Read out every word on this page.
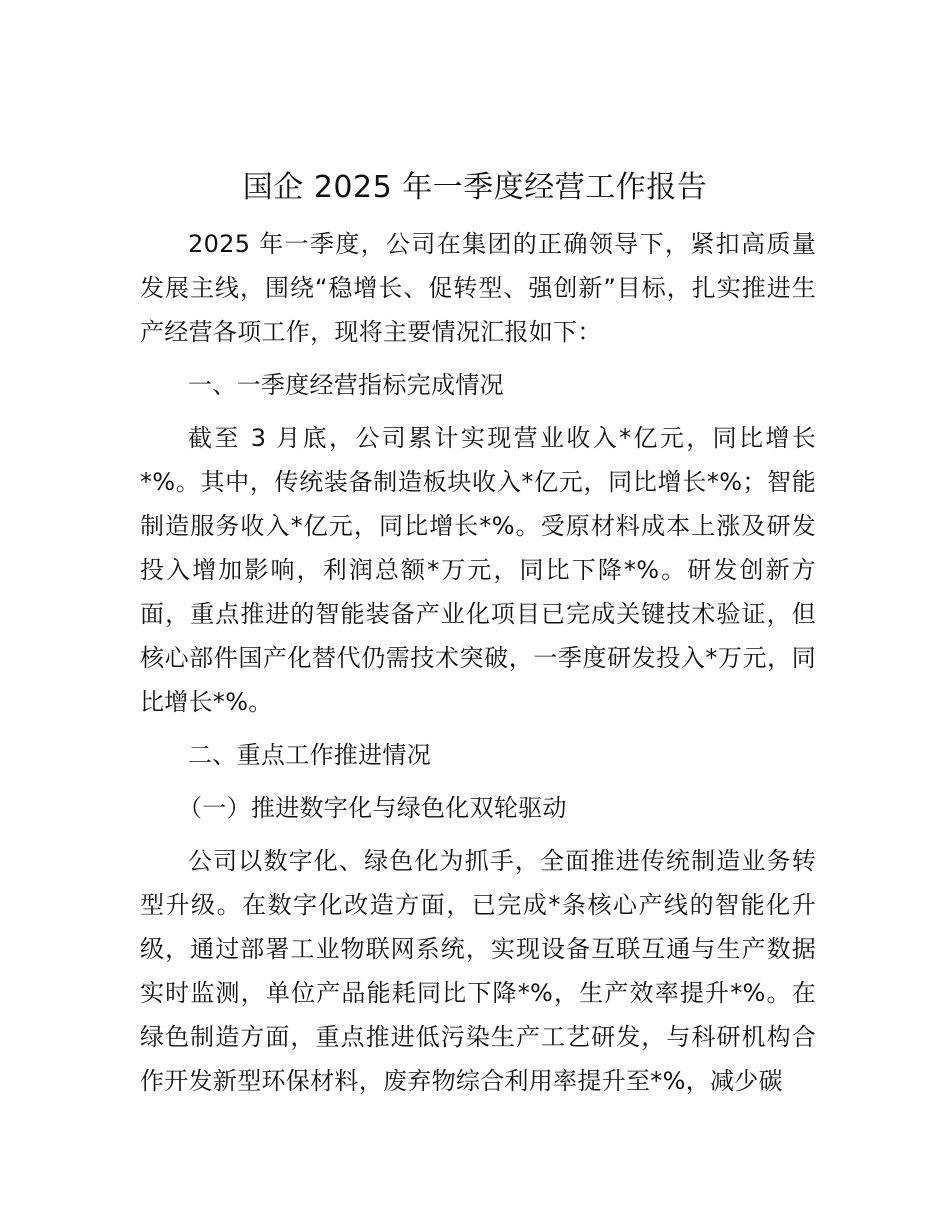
国企 2025 年一季度经营工作报告

2025 年一季度，公司在集团的正确领导下，紧扣高质量发展主线，围绕“稳增长、促转型、强创新”目标，扎实推进生产经营各项工作，现将主要情况汇报如下：

一、一季度经营指标完成情况

截至 3 月底，公司累计实现营业收入*亿元，同比增长*%。其中，传统装备制造板块收入*亿元，同比增长*%；智能制造服务收入*亿元，同比增长*%。受原材料成本上涨及研发投入增加影响，利润总额*万元，同比下降*%。研发创新方面，重点推进的智能装备产业化项目已完成关键技术验证，但核心部件国产化替代仍需技术突破，一季度研发投入*万元，同比增长*%。

二、重点工作推进情况

（一）推进数字化与绿色化双轮驱动

公司以数字化、绿色化为抓手，全面推进传统制造业务转型升级。在数字化改造方面，已完成*条核心产线的智能化升级，通过部署工业物联网系统，实现设备互联互通与生产数据实时监测，单位产品能耗同比下降*%，生产效率提升*%。在绿色制造方面，重点推进低污染生产工艺研发，与科研机构合作开发新型环保材料，废弃物综合利用率提升至*%，减少碳
